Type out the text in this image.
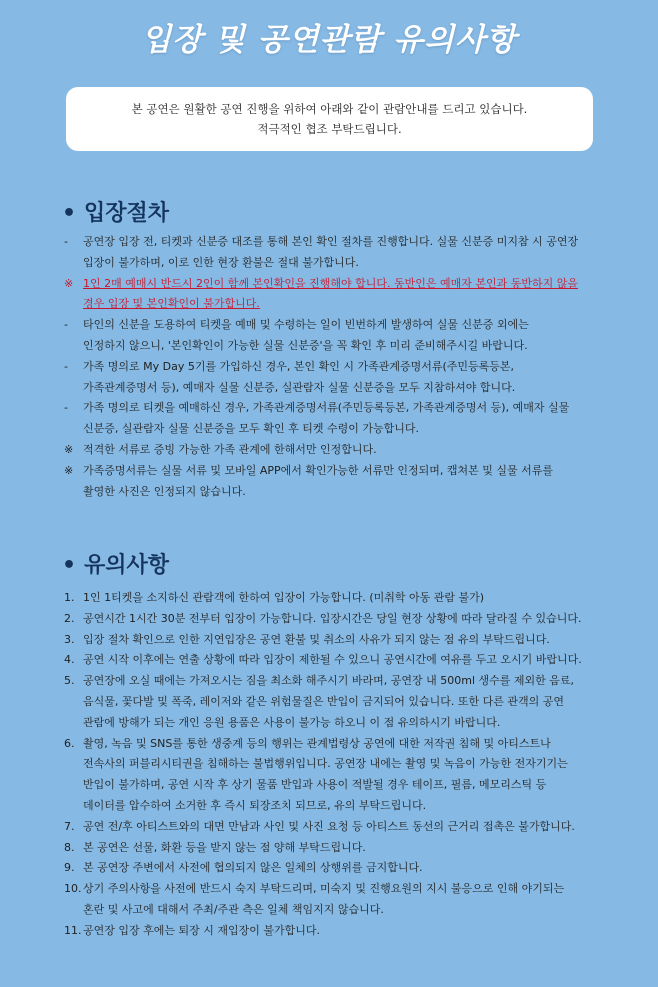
입장 및 공연관람 유의사항
본 공연은 원활한 공연 진행을 위하여 아래와 같이 관람안내를 드리고 있습니다.
적극적인 협조 부탁드립니다.
• 입장절차
-	공연장 입장 전, 티켓과 신분증 대조를 통해 본인 확인 절차를 진행합니다. 실물 신분증 미지참 시 공연장
입장이 불가하며, 이로 인한 현장 환불은 절대 불가합니다.
※ 1인 2매 예매시 반드시 2인이 함께 본인확인을 진행해야 합니다. 동반인은 예매자 본인과 동반하지 않을
경우 입장 및 본인확인이 불가합니다.
-	타인의 신분을 도용하여 티켓을 예매 및 수령하는 일이 빈번하게 발생하여 실물 신분증 외에는
인정하지 않으니, '본인확인이 가능한 실물 신분증'을 꼭 확인 후 미리 준비해주시길 바랍니다.
-	가족 명의로 My Day 5기를 가입하신 경우, 본인 확인 시 가족관계증명서류(주민등록등본,
가족관계증명서 등), 예매자 실물 신분증, 실관람자 실물 신분증을 모두 지참하셔야 합니다.
-	가족 명의로 티켓을 예매하신 경우, 가족관계증명서류(주민등록등본, 가족관계증명서 등), 예매자 실물
신분증, 실관람자 실물 신분증을 모두 확인 후 티켓 수령이 가능합니다.
※ 적격한 서류로 증빙 가능한 가족 관계에 한해서만 인정합니다.
※ 가족증명서류는 실물 서류 및 모바일 APP에서 확인가능한 서류만 인정되며, 캡쳐본 및 실물 서류를
촬영한 사진은 인정되지 않습니다.
• 유의사항
1. 1인 1티켓을 소지하신 관람객에 한하여 입장이 가능합니다. (미취학 아동 관람 불가)
2. 공연시간 1시간 30분 전부터 입장이 가능합니다. 입장시간은 당일 현장 상황에 따라 달라질 수 있습니다.
3. 입장 절차 확인으로 인한 지연입장은 공연 환불 및 취소의 사유가 되지 않는 점 유의 부탁드립니다.
4. 공연 시작 이후에는 연출 상황에 따라 입장이 제한될 수 있으니 공연시간에 여유를 두고 오시기 바랍니다.
5. 공연장에 오실 때에는 가져오시는 짐을 최소화 해주시기 바라며, 공연장 내 500ml 생수를 제외한 음료,
음식물, 꽃다발 및 폭죽, 레이저와 같은 위험물질은 반입이 금지되어 있습니다. 또한 다른 관객의 공연
관람에 방해가 되는 개인 응원 용품은 사용이 불가능 하오니 이 점 유의하시기 바랍니다.
6. 촬영, 녹음 및 SNS를 통한 생중계 등의 행위는 관계법령상 공연에 대한 저작권 침해 및 아티스트나
전속사의 퍼블리시티권을 침해하는 불법행위입니다. 공연장 내에는 촬영 및 녹음이 가능한 전자기기는
반입이 불가하며, 공연 시작 후 상기 물품 반입과 사용이 적발될 경우 테이프, 필름, 메모리스틱 등
데이터를 압수하여 소거한 후 즉시 퇴장조치 되므로, 유의 부탁드립니다.
7. 공연 전/후 아티스트와의 대면 만남과 사인 및 사진 요청 등 아티스트 동선의 근거리 접촉은 불가합니다.
8. 본 공연은 선물, 화환 등을 받지 않는 점 양해 부탁드립니다.
9. 본 공연장 주변에서 사전에 협의되지 않은 일체의 상행위를 금지합니다.
10. 상기 주의사항을 사전에 반드시 숙지 부탁드리며, 미숙지 및 진행요원의 지시 불응으로 인해 야기되는
혼란 및 사고에 대해서 주최/주관 측은 일체 책임지지 않습니다.
11. 공연장 입장 후에는 퇴장 시 재입장이 불가합니다.
